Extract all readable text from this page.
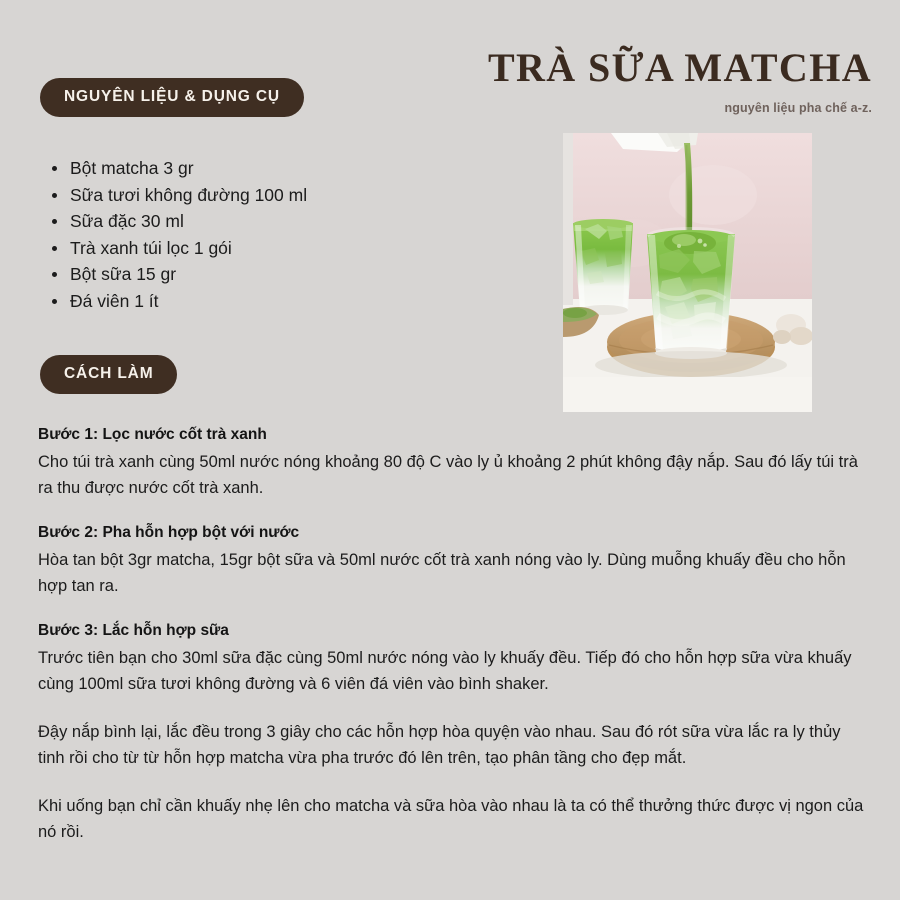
NGUYÊN LIỆU & DỤNG CỤ
TRÀ SỮA MATCHA
nguyên liệu pha chế a-z.
Bột matcha 3 gr
Sữa tươi không đường 100 ml
Sữa đặc 30 ml
Trà xanh túi lọc 1 gói
Bột sữa 15 gr
Đá viên 1 ít
CÁCH LÀM
Bước 1: Lọc nước cốt trà xanh
Cho túi trà xanh cùng 50ml nước nóng khoảng 80 độ C vào ly ủ khoảng 2 phút không đậy nắp. Sau đó lấy túi trà ra thu được nước cốt trà xanh.
Bước 2: Pha hỗn hợp bột với nước
Hòa tan bột 3gr matcha, 15gr bột sữa và 50ml nước cốt trà xanh nóng vào ly. Dùng muỗng khuấy đều cho hỗn hợp tan ra.
Bước 3: Lắc hỗn hợp sữa
Trước tiên bạn cho 30ml sữa đặc cùng 50ml nước nóng vào ly khuấy đều. Tiếp đó cho hỗn hợp sữa vừa khuấy cùng 100ml sữa tươi không đường và 6 viên đá viên vào bình shaker.
Đậy nắp bình lại, lắc đều trong 3 giây cho các hỗn hợp hòa quyện vào nhau. Sau đó rót sữa vừa lắc ra ly thủy tinh rồi cho từ từ hỗn hợp matcha vừa pha trước đó lên trên, tạo phân tầng cho đẹp mắt.
Khi uống bạn chỉ cần khuấy nhẹ lên cho matcha và sữa hòa vào nhau là ta có thể thưởng thức được vị ngon của nó rồi.
